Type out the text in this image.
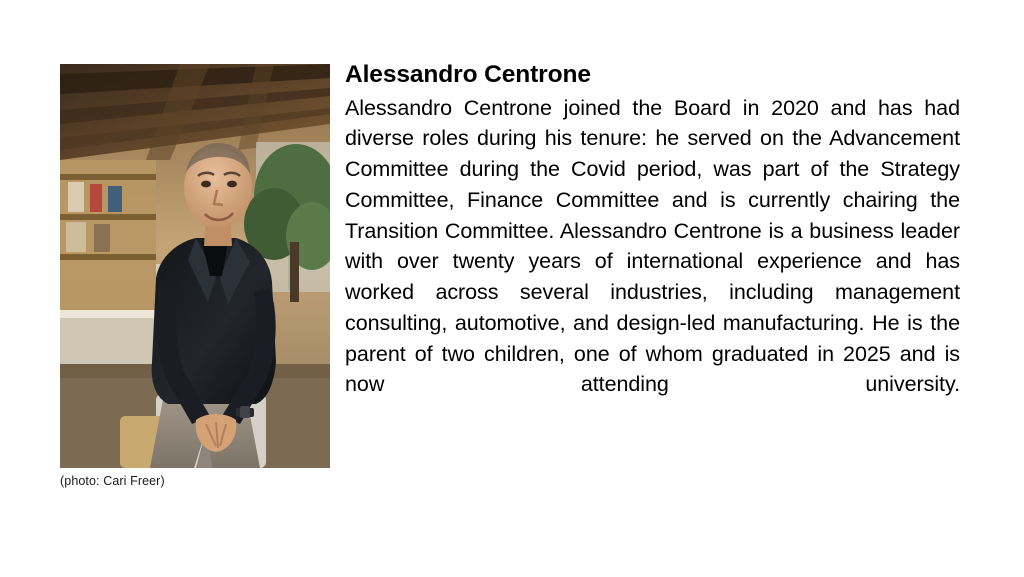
(photo: Cari Freer)
Alessandro Centrone

Alessandro Centrone joined the Board in 2020 and has had diverse roles during his tenure: he served on the Advancement Committee during the Covid period, was part of the Strategy Committee, Finance Committee and is currently chairing the Transition Committee. Alessandro Centrone is a business leader with over twenty years of international experience and has worked across several industries, including management consulting, automotive, and design-led manufacturing. He is the parent of two children, one of whom graduated in 2025 and is now attending university.
